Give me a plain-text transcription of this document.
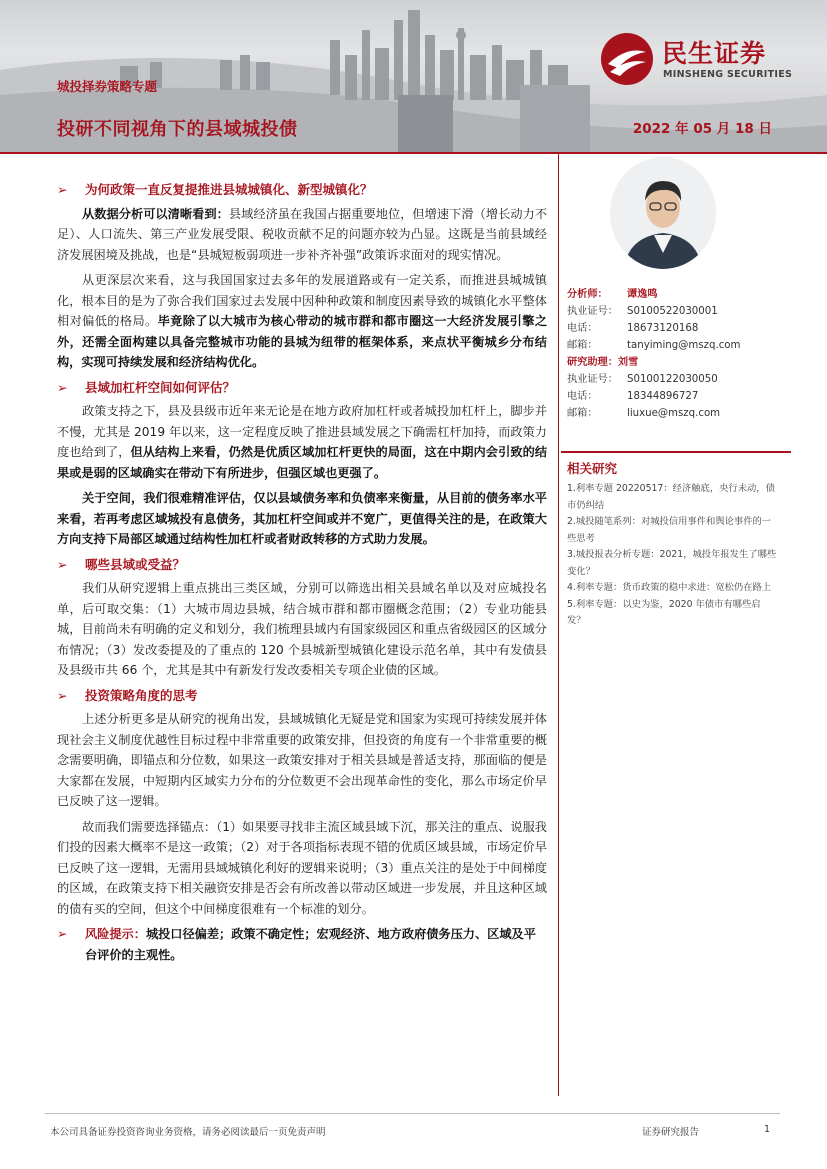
民生证券
MINSHENG SECURITIES
城投择券策略专题
投研不同视角下的县域城投债	2022 年 05 月 18 日
➢ 为何政策一直反复提推进县城城镇化、新型城镇化？

从数据分析可以清晰看到：县域经济虽在我国占据重要地位，但增速下滑（增长动力不足）、人口流失、第三产业发展受限、税收贡献不足的问题亦较为凸显。这既是当前县域经济发展困境及挑战，也是“县城短板弱项进一步补齐补强”政策诉求面对的现实情况。

从更深层次来看，这与我国国家过去多年的发展道路或有一定关系，而推进县城城镇化，根本目的是为了弥合我们国家过去发展中因种种政策和制度因素导致的城镇化水平整体相对偏低的格局。毕竟除了以大城市为核心带动的城市群和都市圈这一大经济发展引擎之外，还需全面构建以具备完整城市功能的县城为纽带的框架体系，来点状平衡城乡分布结构，实现可持续发展和经济结构优化。

➢ 县域加杠杆空间如何评估？

政策支持之下，县及县级市近年来无论是在地方政府加杠杆或者城投加杠杆上，脚步并不慢，尤其是 2019 年以来，这一定程度反映了推进县域发展之下确需杠杆加持，而政策力度也给到了，但从结构上来看，仍然是优质区域加杠杆更快的局面，这在中期内会引致的结果或是弱的区域确实在带动下有所进步，但强区域也更强了。

关于空间，我们很难精准评估，仅以县域债务率和负债率来衡量，从目前的债务率水平来看，若再考虑区域城投有息债务，其加杠杆空间或并不宽广，更值得关注的是，在政策大方向支持下局部区域通过结构性加杠杆或者财政转移的方式助力发展。

➢ 哪些县域或受益？

我们从研究逻辑上重点挑出三类区域，分别可以筛选出相关县域名单以及对应城投名单，后可取交集：（1）大城市周边县城，结合城市群和都市圈概念范围；（2）专业功能县城，目前尚未有明确的定义和划分，我们梳理县域内有国家级园区和重点省级园区的区域分布情况；（3）发改委提及的了重点的 120 个县城新型城镇化建设示范名单，其中有发债县及县级市共 66 个，尤其是其中有新发行发改委相关专项企业债的区域。

➢ 投资策略角度的思考

上述分析更多是从研究的视角出发，县域城镇化无疑是党和国家为实现可持续发展并体现社会主义制度优越性目标过程中非常重要的政策安排，但投资的角度有一个非常重要的概念需要明确，即锚点和分位数，如果这一政策安排对于相关县域是普适支持，那面临的便是大家都在发展，中短期内区域实力分布的分位数更不会出现革命性的变化，那么市场定价早已反映了这一逻辑。

故而我们需要选择锚点：（1）如果要寻找非主流区域县域下沉，那关注的重点、说服我们投的因素大概率不是这一政策；（2）对于各项指标表现不错的优质区域县域，市场定价早已反映了这一逻辑，无需用县域城镇化利好的逻辑来说明；（3）重点关注的是处于中间梯度的区域，在政策支持下相关融资安排是否会有所改善以带动区域进一步发展，并且这种区域的债有买的空间，但这个中间梯度很难有一个标准的划分。

➢ 风险提示：城投口径偏差；政策不确定性；宏观经济、地方政府债务压力、区域及平台评价的主观性。
分析师：	谭逸鸣
执业证号： S0100522030001
电话：	18673120168
邮箱：	tanyiming@mszq.com
研究助理：刘雪
执业证号： S0100122030050
电话：	18344896727
邮箱：	liuxue@mszq.com
相关研究
1.利率专题 20220517：经济触底，央行未动，债市仍纠结
2.城投随笔系列：对城投信用事件和舆论事件的一些思考
3.城投报表分析专题：2021，城投年报发生了哪些变化？
4.利率专题：货币政策的稳中求进：宽松仍在路上
5.利率专题：以史为鉴，2020 年债市有哪些启发？
本公司具备证券投资咨询业务资格，请务必阅读最后一页免责声明	证券研究报告	1
